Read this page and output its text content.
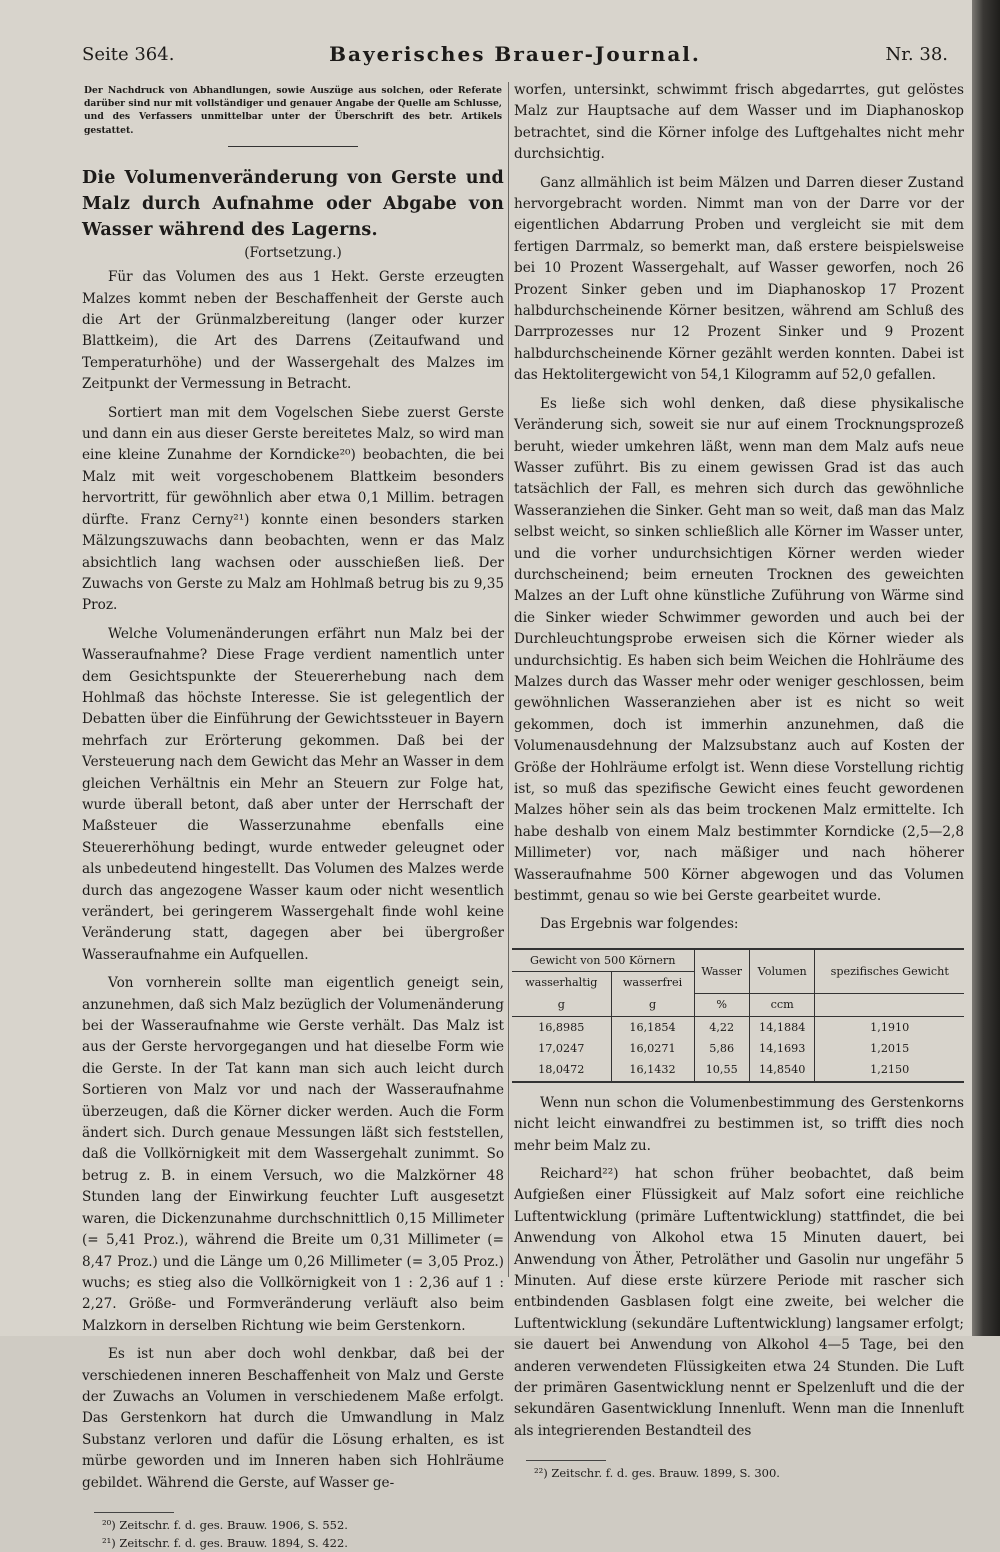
Seite 364.	Bayerisches Brauer-Journal.	Nr. 38.
Der Nachdruck von Abhandlungen, sowie Auszüge aus solchen, oder Referate darüber sind nur mit vollständiger und genauer Angabe der Quelle am Schlusse, und des Verfassers unmittelbar unter der Überschrift des betr. Artikels gestattet.
Die Volumenveränderung von Gerste und Malz durch Aufnahme oder Abgabe von Wasser während des Lagerns.
(Fortsetzung.)

Für das Volumen des aus 1 Hekt. Gerste erzeugten Malzes kommt neben der Beschaffenheit der Gerste auch die Art der Grünmalzbereitung (langer oder kurzer Blattkeim), die Art des Darrens (Zeitaufwand und Temperaturhöhe) und der Wassergehalt des Malzes im Zeitpunkt der Vermessung in Betracht.

Sortiert man mit dem Vogelschen Siebe zuerst Gerste und dann ein aus dieser Gerste bereitetes Malz, so wird man eine kleine Zunahme der Korndicke²⁰) beobachten, die bei Malz mit weit vorgeschobenem Blattkeim besonders hervortritt, für gewöhnlich aber etwa 0,1 Millim. betragen dürfte. Franz Cerny²¹) konnte einen besonders starken Mälzungszuwachs dann beobachten, wenn er das Malz absichtlich lang wachsen oder ausschießen ließ. Der Zuwachs von Gerste zu Malz am Hohlmaß betrug bis zu 9,35 Proz.

Welche Volumenänderungen erfährt nun Malz bei der Wasseraufnahme? Diese Frage verdient namentlich unter dem Gesichtspunkte der Steuererhebung nach dem Hohlmaß das höchste Interesse. Sie ist gelegentlich der Debatten über die Einführung der Gewichtssteuer in Bayern mehrfach zur Erörterung gekommen. Daß bei der Versteuerung nach dem Gewicht das Mehr an Wasser in dem gleichen Verhältnis ein Mehr an Steuern zur Folge hat, wurde überall betont, daß aber unter der Herrschaft der Maßsteuer die Wasserzunahme ebenfalls eine Steuererhöhung bedingt, wurde entweder geleugnet oder als unbedeutend hingestellt. Das Volumen des Malzes werde durch das angezogene Wasser kaum oder nicht wesentlich verändert, bei geringerem Wassergehalt finde wohl keine Veränderung statt, dagegen aber bei übergroßer Wasseraufnahme ein Aufquellen.

Von vornherein sollte man eigentlich geneigt sein, anzunehmen, daß sich Malz bezüglich der Volumenänderung bei der Wasseraufnahme wie Gerste verhält. Das Malz ist aus der Gerste hervorgegangen und hat dieselbe Form wie die Gerste. In der Tat kann man sich auch leicht durch Sortieren von Malz vor und nach der Wasseraufnahme überzeugen, daß die Körner dicker werden. Auch die Form ändert sich. Durch genaue Messungen läßt sich feststellen, daß die Vollkörnigkeit mit dem Wassergehalt zunimmt. So betrug z. B. in einem Versuch, wo die Malzkörner 48 Stunden lang der Einwirkung feuchter Luft ausgesetzt waren, die Dickenzunahme durchschnittlich 0,15 Millimeter (= 5,41 Proz.), während die Breite um 0,31 Millimeter (= 8,47 Proz.) und die Länge um 0,26 Millimeter (= 3,05 Proz.) wuchs; es stieg also die Vollkörnigkeit von 1 : 2,36 auf 1 : 2,27. Größe- und Formveränderung verläuft also beim Malzkorn in derselben Richtung wie beim Gerstenkorn.

Es ist nun aber doch wohl denkbar, daß bei der verschiedenen inneren Beschaffenheit von Malz und Gerste der Zuwachs an Volumen in verschiedenem Maße erfolgt. Das Gerstenkorn hat durch die Umwandlung in Malz Substanz verloren und dafür die Lösung erhalten, es ist mürbe geworden und im Inneren haben sich Hohlräume gebildet. Während die Gerste, auf Wasser ge-

²⁰) Zeitschr. f. d. ges. Brauw. 1906, S. 552.
²¹) Zeitschr. f. d. ges. Brauw. 1894, S. 422.

worfen, untersinkt, schwimmt frisch abgedarrtes, gut gelöstes Malz zur Hauptsache auf dem Wasser und im Diaphanoskop betrachtet, sind die Körner infolge des Luftgehaltes nicht mehr durchsichtig.

Ganz allmählich ist beim Mälzen und Darren dieser Zustand hervorgebracht worden. Nimmt man von der Darre vor der eigentlichen Abdarrung Proben und vergleicht sie mit dem fertigen Darrmalz, so bemerkt man, daß erstere beispielsweise bei 10 Prozent Wassergehalt, auf Wasser geworfen, noch 26 Prozent Sinker geben und im Diaphanoskop 17 Prozent halbdurchscheinende Körner besitzen, während am Schluß des Darrprozesses nur 12 Prozent Sinker und 9 Prozent halbdurchscheinende Körner gezählt werden konnten. Dabei ist das Hektolitergewicht von 54,1 Kilogramm auf 52,0 gefallen.

Es ließe sich wohl denken, daß diese physikalische Veränderung sich, soweit sie nur auf einem Trocknungsprozeß beruht, wieder umkehren läßt, wenn man dem Malz aufs neue Wasser zuführt. Bis zu einem gewissen Grad ist das auch tatsächlich der Fall, es mehren sich durch das gewöhnliche Wasseranziehen die Sinker. Geht man so weit, daß man das Malz selbst weicht, so sinken schließlich alle Körner im Wasser unter, und die vorher undurchsichtigen Körner werden wieder durchscheinend; beim erneuten Trocknen des geweichten Malzes an der Luft ohne künstliche Zuführung von Wärme sind die Sinker wieder Schwimmer geworden und auch bei der Durchleuchtungsprobe erweisen sich die Körner wieder als undurchsichtig. Es haben sich beim Weichen die Hohlräume des Malzes durch das Wasser mehr oder weniger geschlossen, beim gewöhnlichen Wasseranziehen aber ist es nicht so weit gekommen, doch ist immerhin anzunehmen, daß die Volumenausdehnung der Malzsubstanz auch auf Kosten der Größe der Hohlräume erfolgt ist. Wenn diese Vorstellung richtig ist, so muß das spezifische Gewicht eines feucht gewordenen Malzes höher sein als das beim trockenen Malz ermittelte. Ich habe deshalb von einem Malz bestimmter Korndicke (2,5—2,8 Millimeter) vor, nach mäßiger und nach höherer Wasseraufnahme 500 Körner abgewogen und das Volumen bestimmt, genau so wie bei Gerste gearbeitet wurde.

Das Ergebnis war folgendes:

Gewicht von 500 Körnern		Wasser	Volumen	spezifisches Gewicht
wasserhaltig	wasserfrei			
g	g	%	ccm	
16,8985	16,1854	4,22	14,1884	1,1910
17,0247	16,0271	5,86	14,1693	1,2015
18,0472	16,1432	10,55	14,8540	1,2150

Wenn nun schon die Volumenbestimmung des Gerstenkorns nicht leicht einwandfrei zu bestimmen ist, so trifft dies noch mehr beim Malz zu.

Reichard²²) hat schon früher beobachtet, daß beim Aufgießen einer Flüssigkeit auf Malz sofort eine reichliche Luftentwicklung (primäre Luftentwicklung) stattfindet, die bei Anwendung von Alkohol etwa 15 Minuten dauert, bei Anwendung von Äther, Petroläther und Gasolin nur ungefähr 5 Minuten. Auf diese erste kürzere Periode mit rascher sich entbindenden Gasblasen folgt eine zweite, bei welcher die Luftentwicklung (sekundäre Luftentwicklung) langsamer erfolgt; sie dauert bei Anwendung von Alkohol 4—5 Tage, bei den anderen verwendeten Flüssigkeiten etwa 24 Stunden. Die Luft der primären Gasentwicklung nennt er Spelzenluft und die der sekundären Gasentwicklung Innenluft. Wenn man die Innenluft als integrierenden Bestandteil des

²²) Zeitschr. f. d. ges. Brauw. 1899, S. 300.
